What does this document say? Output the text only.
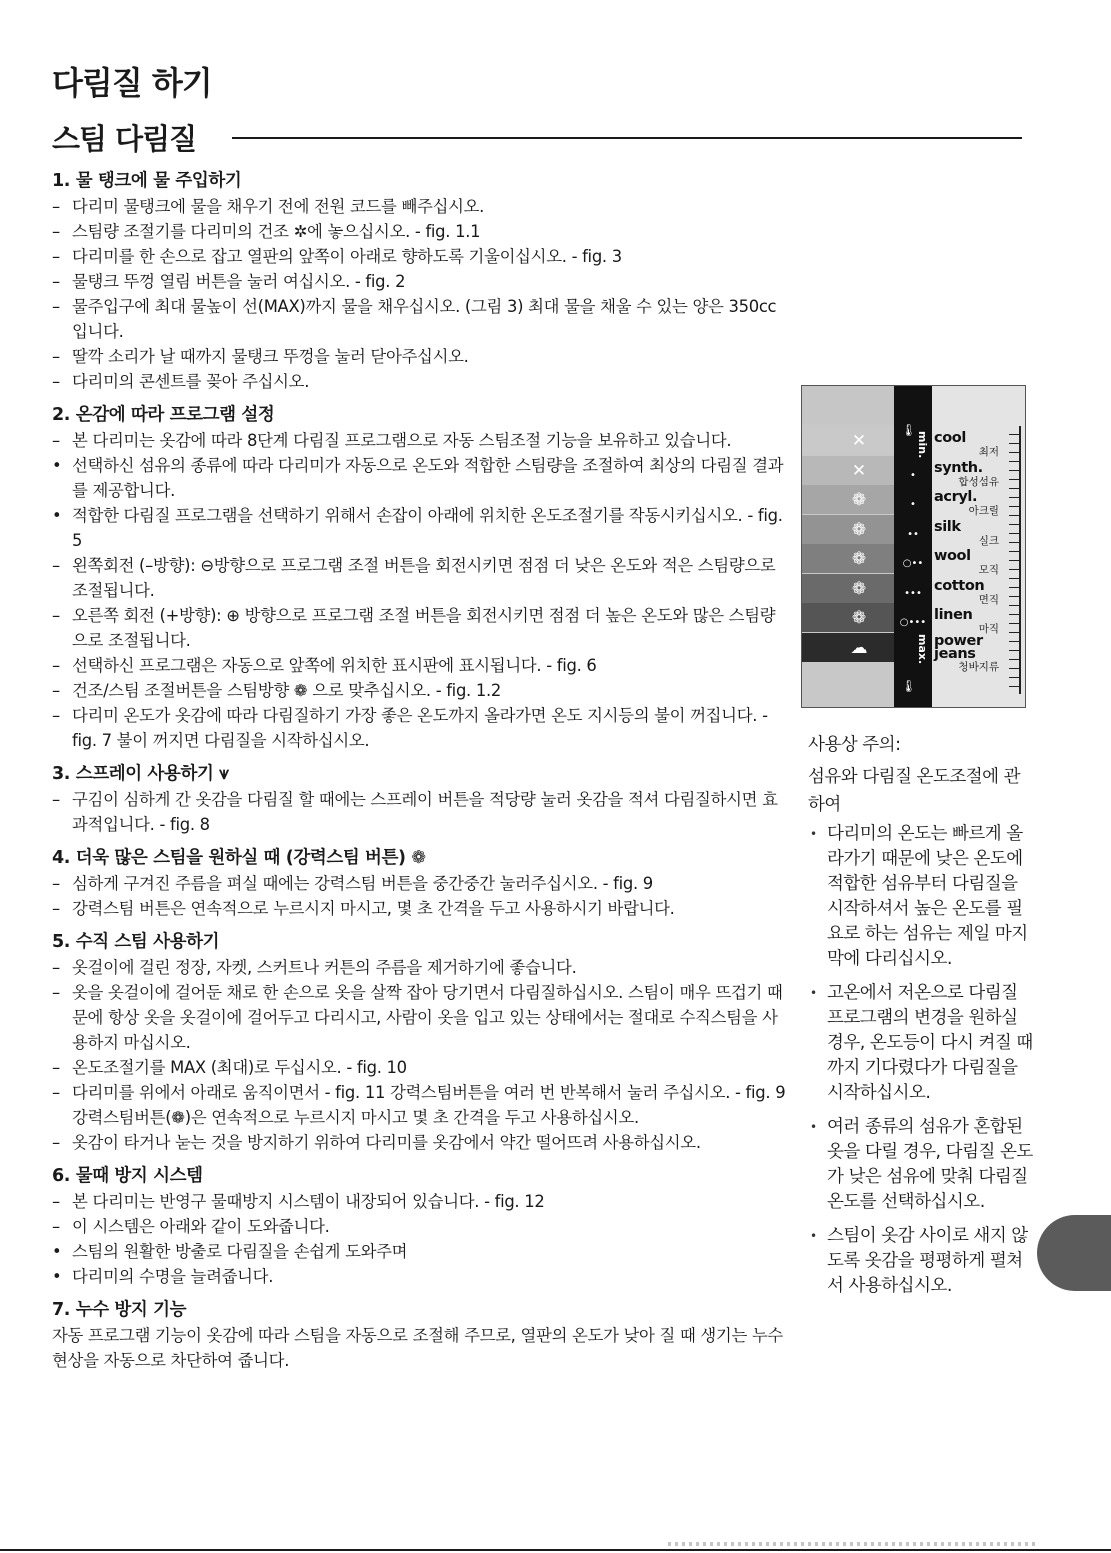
다림질 하기
스팀 다림질
1. 물 탱크에 물 주입하기
– 다리미 물탱크에 물을 채우기 전에 전원 코드를 빼주십시오.
– 스팀량 조절기를 다리미의 건조 ✲에 놓으십시오. - fig. 1.1
– 다리미를 한 손으로 잡고 열판의 앞쪽이 아래로 향하도록 기울이십시오. - fig. 3
– 물탱크 뚜껑 열림 버튼을 눌러 여십시오. - fig. 2
– 물주입구에 최대 물높이 선(MAX)까지 물을 채우십시오. (그림 3) 최대 물을 채울 수 있는 양은 350cc 입니다.
– 딸깍 소리가 날 때까지 물탱크 뚜껑을 눌러 닫아주십시오.
– 다리미의 콘센트를 꽂아 주십시오.
2. 온감에 따라 프로그램 설정
– 본 다리미는 옷감에 따라 8단계 다림질 프로그램으로 자동 스팀조절 기능을 보유하고 있습니다.
• 선택하신 섬유의 종류에 따라 다리미가 자동으로 온도와 적합한 스팀량을 조절하여 최상의 다림질 결과를 제공합니다.
• 적합한 다림질 프로그램을 선택하기 위해서 손잡이 아래에 위치한 온도조절기를 작동시키십시오. - fig. 5
– 왼쪽회전 (–방향): ⊖방향으로 프로그램 조절 버튼을 회전시키면 점점 더 낮은 온도와 적은 스팀량으로 조절됩니다.
– 오른쪽 회전 (+방향): ⊕ 방향으로 프로그램 조절 버튼을 회전시키면 점점 더 높은 온도와 많은 스팀량으로 조절됩니다.
– 선택하신 프로그램은 자동으로 앞쪽에 위치한 표시판에 표시됩니다. - fig. 6
– 건조/스팀 조절버튼을 스팀방향 ❁ 으로 맞추십시오. - fig. 1.2
– 다리미 온도가 옷감에 따라 다림질하기 가장 좋은 온도까지 올라가면 온도 지시등의 불이 꺼집니다. - fig. 7 불이 꺼지면 다림질을 시작하십시오.
3. 스프레이 사용하기 ⩛
– 구김이 심하게 간 옷감을 다림질 할 때에는 스프레이 버튼을 적당량 눌러 옷감을 적셔 다림질하시면 효과적입니다. - fig. 8
4. 더욱 많은 스팀을 원하실 때 (강력스팀 버튼) ❁
– 심하게 구겨진 주름을 펴실 때에는 강력스팀 버튼을 중간중간 눌러주십시오. - fig. 9
– 강력스팀 버튼은 연속적으로 누르시지 마시고, 몇 초 간격을 두고 사용하시기 바랍니다.
5. 수직 스팀 사용하기
– 옷걸이에 걸린 정장, 자켓, 스커트나 커튼의 주름을 제거하기에 좋습니다.
– 옷을 옷걸이에 걸어둔 채로 한 손으로 옷을 살짝 잡아 당기면서 다림질하십시오. 스팀이 매우 뜨겁기 때문에 항상 옷을 옷걸이에 걸어두고 다리시고, 사람이 옷을 입고 있는 상태에서는 절대로 수직스팀을 사용하지 마십시오.
– 온도조절기를 MAX (최대)로 두십시오. - fig. 10
– 다리미를 위에서 아래로 움직이면서 - fig. 11 강력스팀버튼을 여러 번 반복해서 눌러 주십시오. - fig. 9 강력스팀버튼(❁)은 연속적으로 누르시지 마시고 몇 초 간격을 두고 사용하십시오.
– 옷감이 타거나 눋는 것을 방지하기 위하여 다리미를 옷감에서 약간 떨어뜨려 사용하십시오.
6. 물때 방지 시스템
– 본 다리미는 반영구 물때방지 시스템이 내장되어 있습니다. - fig. 12
– 이 시스템은 아래와 같이 도와줍니다.
• 스팀의 원활한 방출로 다림질을 손쉽게 도와주며
• 다리미의 수명을 늘려줍니다.
7. 누수 방지 기능
자동 프로그램 기능이 옷감에 따라 스팀을 자동으로 조절해 주므로, 열판의 온도가 낮아 질 때 생기는 누수현상을 자동으로 차단하여 줍니다.
🌡︎
min.
max.
🌡︎
✕	cool
최저
✕	•	synth.
합성섬유
❁	•	acryl.
아크릴
❁	••	silk
실크
❁	○•• wool
모직
❁	••• cotton
면직
❁	○••• linen
마직
☁	power jeans
청바지류
사용상 주의:
섬유와 다림질 온도조절에 관하여
• 다리미의 온도는 빠르게 올라가기 때문에 낮은 온도에 적합한 섬유부터 다림질을 시작하셔서 높은 온도를 필요로 하는 섬유는 제일 마지막에 다리십시오.
• 고온에서 저온으로 다림질 프로그램의 변경을 원하실 경우, 온도등이 다시 켜질 때까지 기다렸다가 다림질을 시작하십시오.
• 여러 종류의 섬유가 혼합된 옷을 다릴 경우, 다림질 온도가 낮은 섬유에 맞춰 다림질 온도를 선택하십시오.
• 스팀이 옷감 사이로 새지 않도록 옷감을 평평하게 펼쳐서 사용하십시오.
